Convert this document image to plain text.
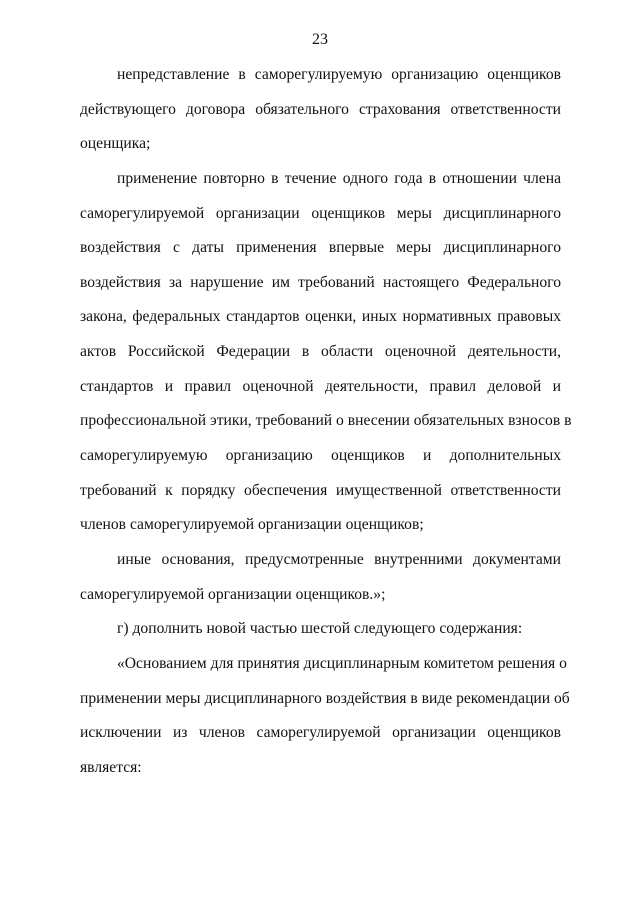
23
непредставление в саморегулируемую организацию оценщиков
действующего договора обязательного страхования ответственности
оценщика;
применение повторно в течение одного года в отношении члена
саморегулируемой организации оценщиков меры дисциплинарного
воздействия с даты применения впервые меры дисциплинарного
воздействия за нарушение им требований настоящего Федерального
закона, федеральных стандартов оценки, иных нормативных правовых
актов Российской Федерации в области оценочной деятельности,
стандартов и правил оценочной деятельности, правил деловой и
профессиональной этики, требований о внесении обязательных взносов в
саморегулируемую организацию оценщиков и дополнительных
требований к порядку обеспечения имущественной ответственности
членов саморегулируемой организации оценщиков;
иные основания, предусмотренные внутренними документами
саморегулируемой организации оценщиков.»;
г) дополнить новой частью шестой следующего содержания:
«Основанием для принятия дисциплинарным комитетом решения о
применении меры дисциплинарного воздействия в виде рекомендации об
исключении из членов саморегулируемой организации оценщиков
является:
